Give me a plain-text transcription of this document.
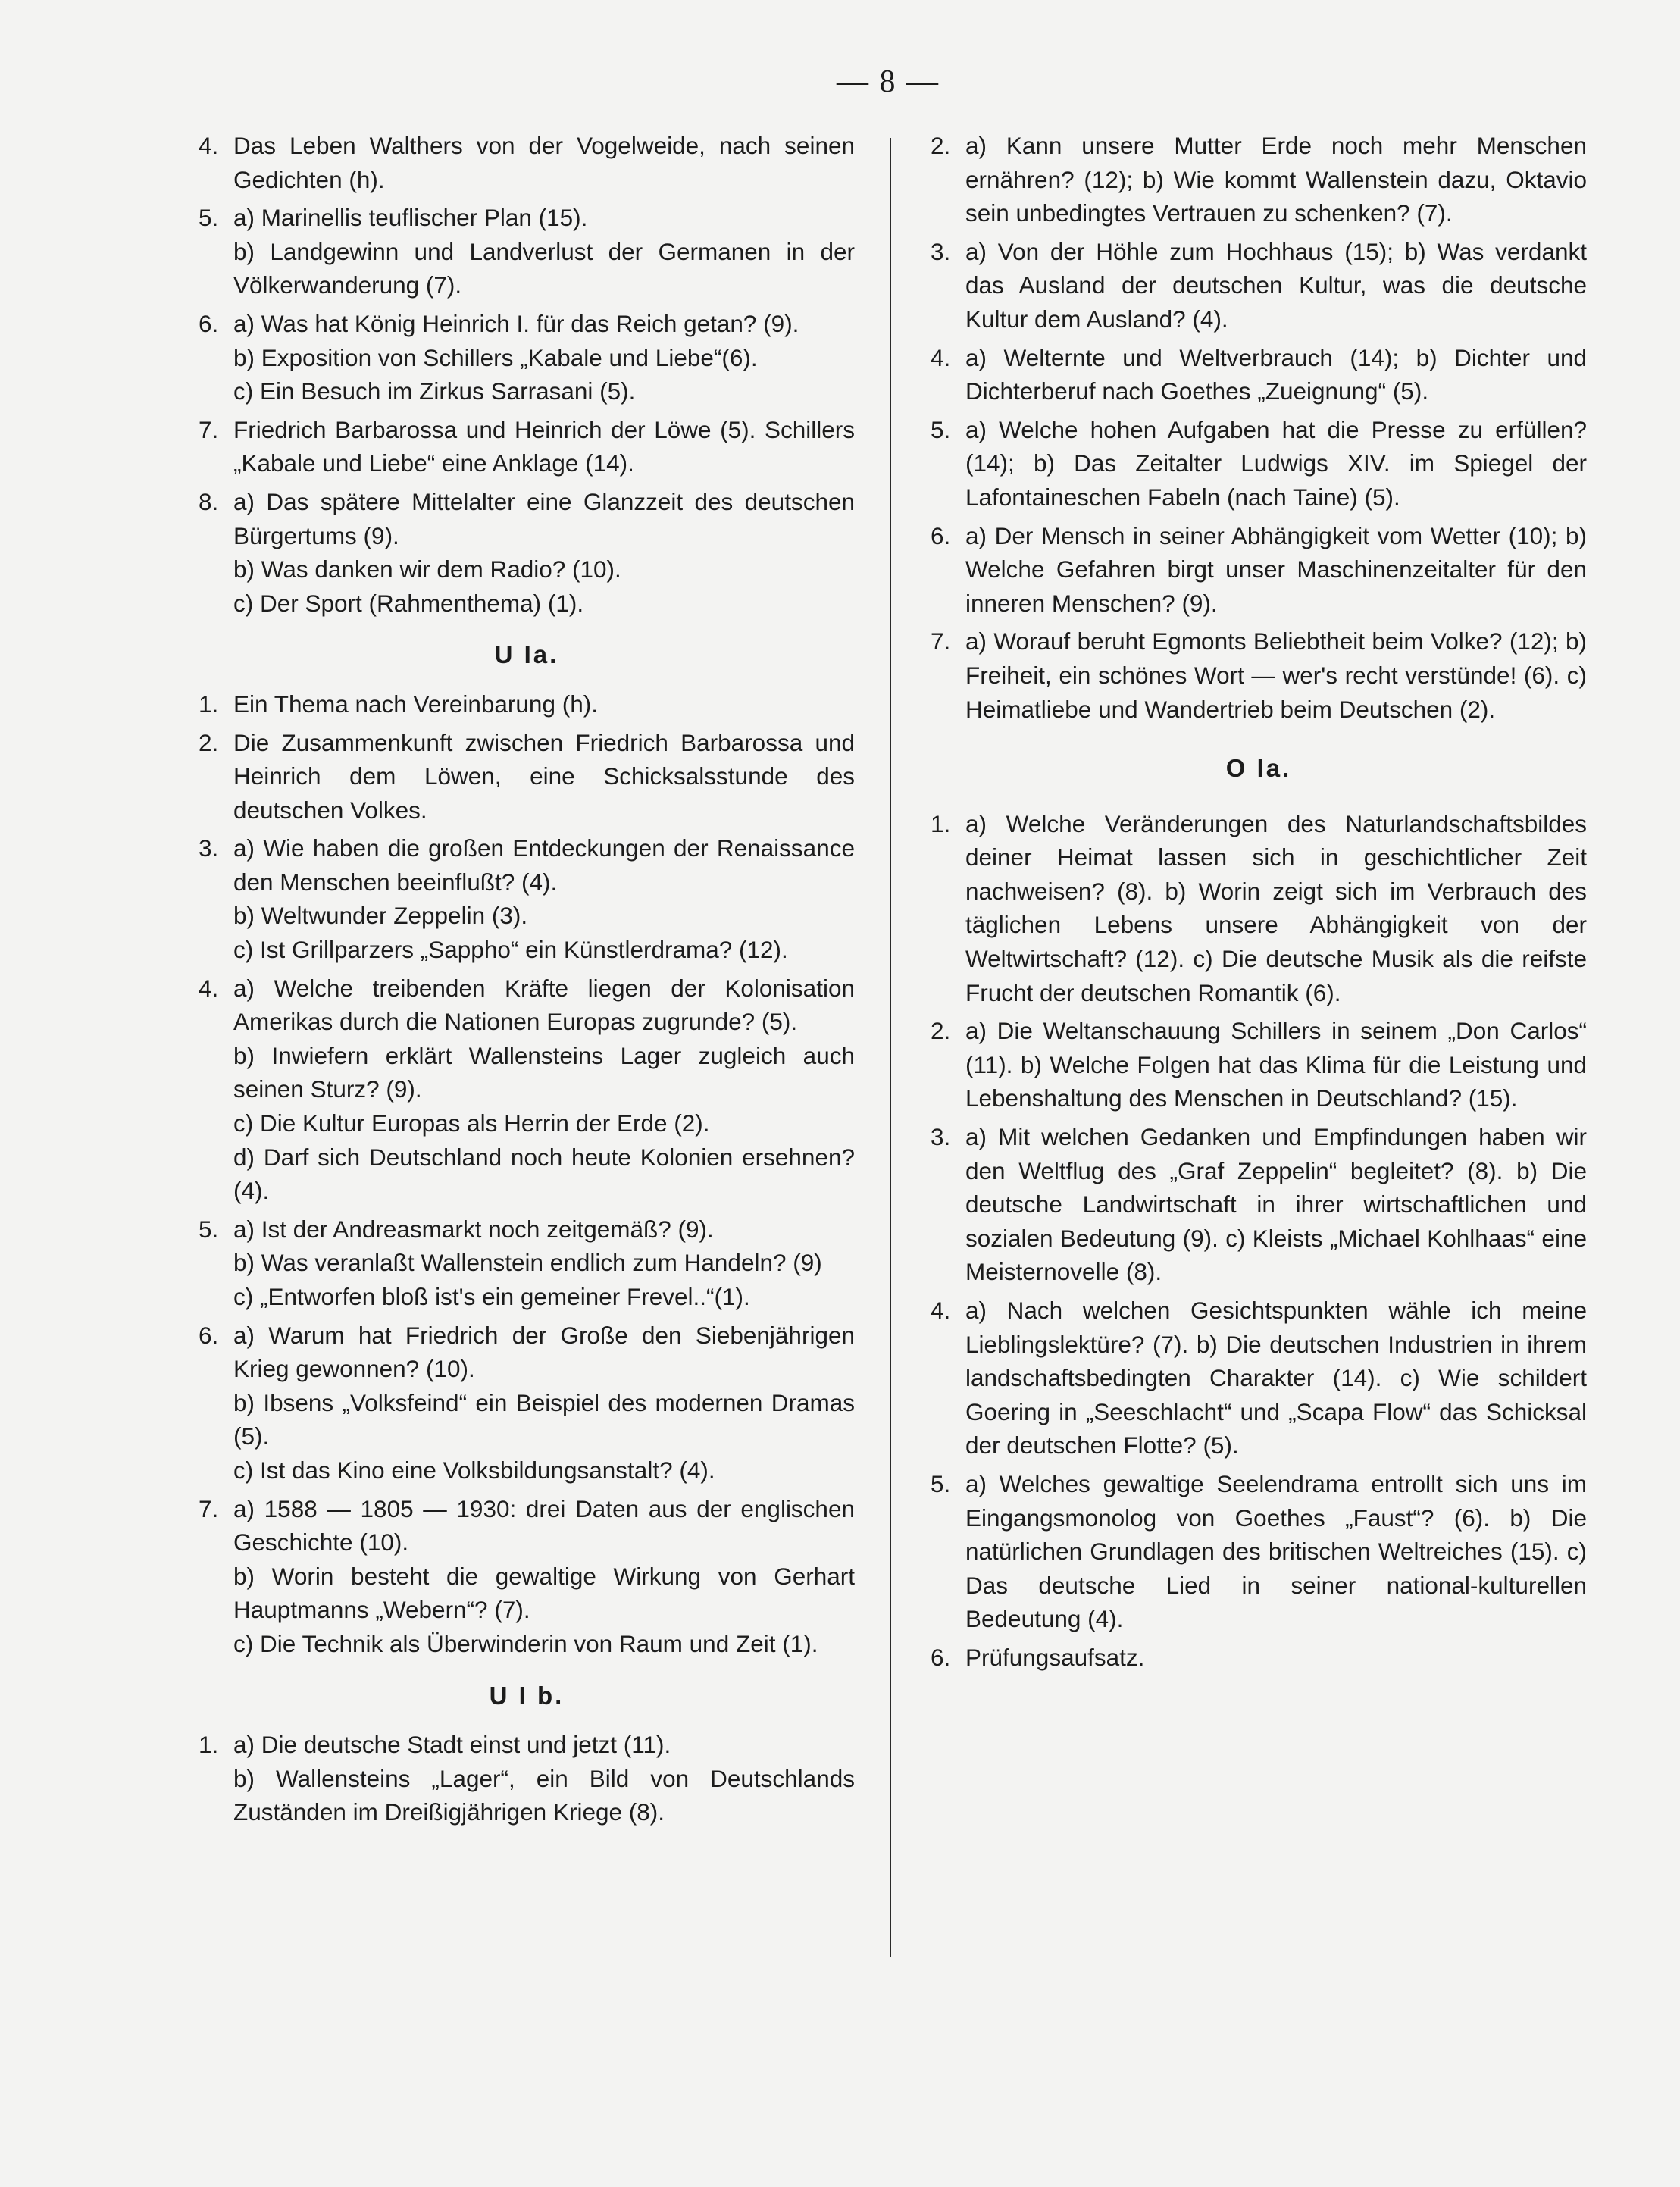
— 8 —
4. Das Leben Walthers von der Vogelweide, nach seinen Gedichten (h).

5. a) Marinellis teuflischer Plan (15).

b) Landgewinn und Landverlust der Germanen in der Völkerwanderung (7).

6. a) Was hat König Heinrich I. für das Reich getan? (9).

b) Exposition von Schillers „Kabale und Liebe“(6).

c) Ein Besuch im Zirkus Sarrasani (5).

7. Friedrich Barbarossa und Heinrich der Löwe (5). Schillers „Kabale und Liebe“ eine Anklage (14).

8. a) Das spätere Mittelalter eine Glanzzeit des deutschen Bürgertums (9).

b) Was danken wir dem Radio? (10).

c) Der Sport (Rahmenthema) (1).

U Ia.
1. Ein Thema nach Vereinbarung (h).

2. Die Zusammenkunft zwischen Friedrich Barbarossa und Heinrich dem Löwen, eine Schicksalsstunde des deutschen Volkes.

3. a) Wie haben die großen Entdeckungen der Renaissance den Menschen beeinflußt? (4).

b) Weltwunder Zeppelin (3).

c) Ist Grillparzers „Sappho“ ein Künstlerdrama? (12).

4. a) Welche treibenden Kräfte liegen der Kolonisation Amerikas durch die Nationen Europas zugrunde? (5).

b) Inwiefern erklärt Wallensteins Lager zugleich auch seinen Sturz? (9).

c) Die Kultur Europas als Herrin der Erde (2).

d) Darf sich Deutschland noch heute Kolonien ersehnen? (4).

5. a) Ist der Andreasmarkt noch zeitgemäß? (9).

b) Was veranlaßt Wallenstein endlich zum Handeln? (9)

c) „Entworfen bloß ist's ein gemeiner Frevel..“(1).

6. a) Warum hat Friedrich der Große den Siebenjährigen Krieg gewonnen? (10).

b) Ibsens „Volksfeind“ ein Beispiel des modernen Dramas (5).

c) Ist das Kino eine Volksbildungsanstalt? (4).

7. a) 1588 — 1805 — 1930: drei Daten aus der englischen Geschichte (10).

b) Worin besteht die gewaltige Wirkung von Gerhart Hauptmanns „Webern“? (7).

c) Die Technik als Überwinderin von Raum und Zeit (1).

U I b.
1. a) Die deutsche Stadt einst und jetzt (11).

b) Wallensteins „Lager“, ein Bild von Deutschlands Zuständen im Dreißigjährigen Kriege (8).

2. a) Kann unsere Mutter Erde noch mehr Menschen ernähren? (12); b) Wie kommt Wallenstein dazu, Oktavio sein unbedingtes Vertrauen zu schenken? (7).

3. a) Von der Höhle zum Hochhaus (15); b) Was verdankt das Ausland der deutschen Kultur, was die deutsche Kultur dem Ausland? (4).

4. a) Welternte und Weltverbrauch (14); b) Dichter und Dichterberuf nach Goethes „Zueignung“ (5).

5. a) Welche hohen Aufgaben hat die Presse zu erfüllen? (14); b) Das Zeitalter Ludwigs XIV. im Spiegel der Lafontaineschen Fabeln (nach Taine) (5).

6. a) Der Mensch in seiner Abhängigkeit vom Wetter (10); b) Welche Gefahren birgt unser Maschinenzeitalter für den inneren Menschen? (9).

7. a) Worauf beruht Egmonts Beliebtheit beim Volke? (12); b) Freiheit, ein schönes Wort — wer's recht verstünde! (6). c) Heimatliebe und Wandertrieb beim Deutschen (2).

O Ia.
1. a) Welche Veränderungen des Naturlandschaftsbildes deiner Heimat lassen sich in geschichtlicher Zeit nachweisen? (8). b) Worin zeigt sich im Verbrauch des täglichen Lebens unsere Abhängigkeit von der Weltwirtschaft? (12). c) Die deutsche Musik als die reifste Frucht der deutschen Romantik (6).

2. a) Die Weltanschauung Schillers in seinem „Don Carlos“ (11). b) Welche Folgen hat das Klima für die Leistung und Lebenshaltung des Menschen in Deutschland? (15).

3. a) Mit welchen Gedanken und Empfindungen haben wir den Weltflug des „Graf Zeppelin“ begleitet? (8). b) Die deutsche Landwirtschaft in ihrer wirtschaftlichen und sozialen Bedeutung (9). c) Kleists „Michael Kohlhaas“ eine Meisternovelle (8).

4. a) Nach welchen Gesichtspunkten wähle ich meine Lieblingslektüre? (7). b) Die deutschen Industrien in ihrem landschaftsbedingten Charakter (14). c) Wie schildert Goering in „Seeschlacht“ und „Scapa Flow“ das Schicksal der deutschen Flotte? (5).

5. a) Welches gewaltige Seelendrama entrollt sich uns im Eingangsmonolog von Goethes „Faust“? (6). b) Die natürlichen Grundlagen des britischen Weltreiches (15). c) Das deutsche Lied in seiner national-kulturellen Bedeutung (4).

6. Prüfungsaufsatz.
